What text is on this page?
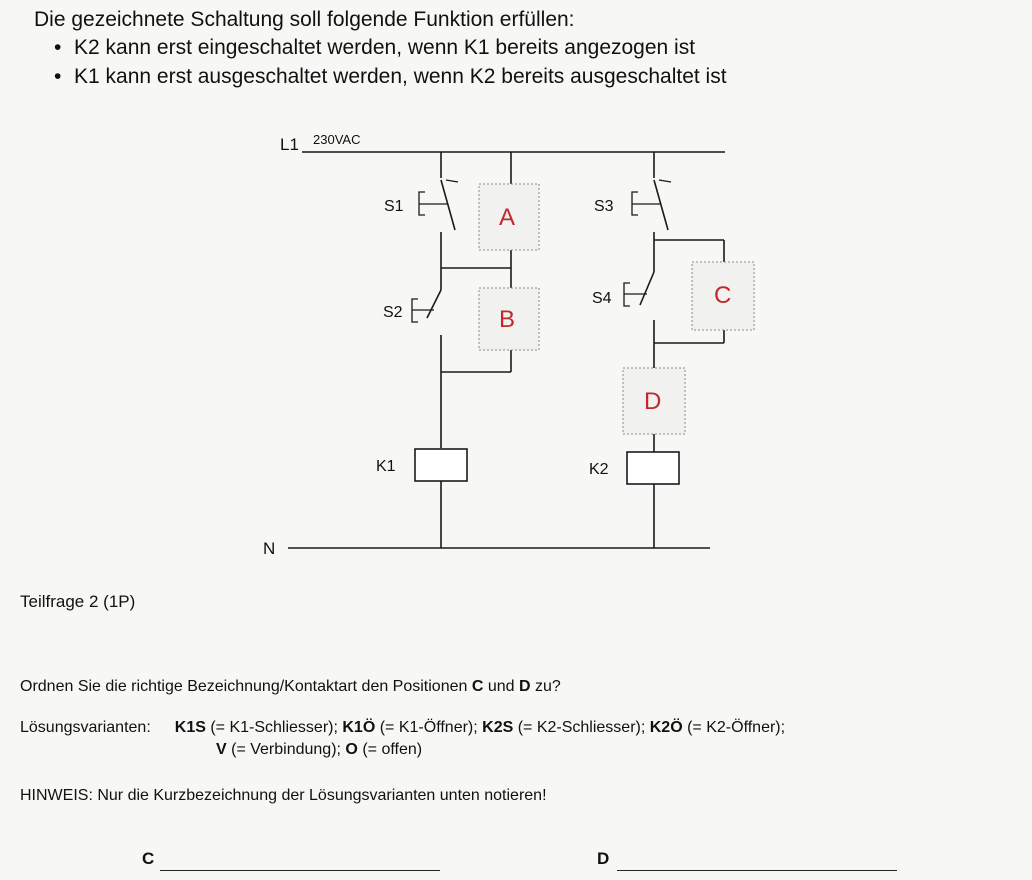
Die gezeichnete Schaltung soll folgende Funktion erfüllen:
• K2 kann erst eingeschaltet werden, wenn K1 bereits angezogen ist
• K1 kann erst ausgeschaltet werden, wenn K2 bereits ausgeschaltet ist
L1 230VAC
N
S1
S2
S3
S4
K1	K2
A
B
C
D
Teilfrage 2 (1P)
Ordnen Sie die richtige Bezeichnung/Kontaktart den Positionen C und D zu?
Lösungsvarianten: K1S (= K1-Schliesser); K1Ö (= K1-Öffner); K2S (= K2-Schliesser); K2Ö (= K2-Öffner);
V (= Verbindung); O (= offen)
HINWEIS: Nur die Kurzbezeichnung der Lösungsvarianten unten notieren!
C	D
